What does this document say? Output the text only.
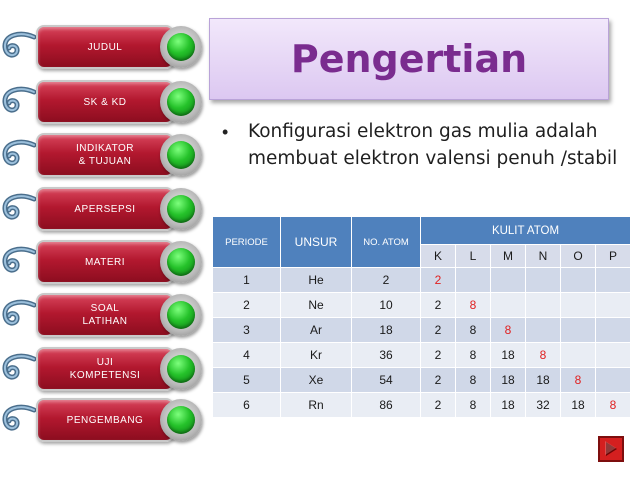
JUDUL
SK & KD
INDIKATOR
& TUJUAN
APERSEPSI
MATERI
SOAL
LATIHAN
UJI
KOMPETENSI
PENGEMBANG
Pengertian
• Konfigurasi elektron gas mulia adalah membuat elektron valensi penuh /stabil
PERIODE	UNSUR	NO. ATOM	KULIT ATOM					
			K	L	M	N	O	P
1	He	2	2					
2	Ne	10	2	8				
3	Ar	18	2	8	8			
4	Kr	36	2	8	18	8		
5	Xe	54	2	8	18	18	8	
6	Rn	86	2	8	18	32	18	8
